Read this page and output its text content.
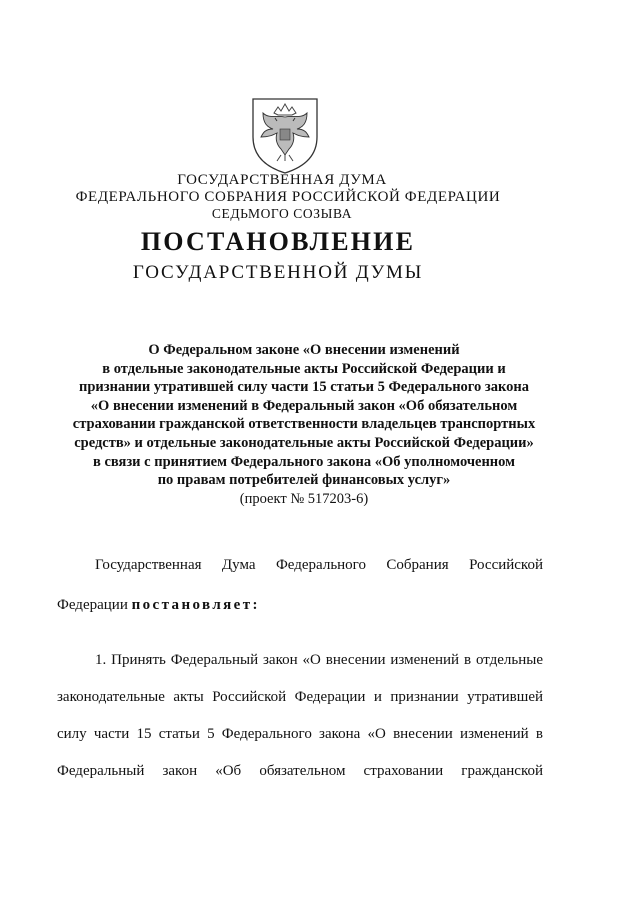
ГОСУДАРСТВЕННАЯ ДУМА
ФЕДЕРАЛЬНОГО СОБРАНИЯ РОССИЙСКОЙ ФЕДЕРАЦИИ
СЕДЬМОГО СОЗЫВА
ПОСТАНОВЛЕНИЕ
ГОСУДАРСТВЕННОЙ ДУМЫ
О Федеральном законе «О внесении изменений
в отдельные законодательные акты Российской Федерации и
признании утратившей силу части 15 статьи 5 Федерального закона
«О внесении изменений в Федеральный закон «Об обязательном
страховании гражданской ответственности владельцев транспортных
средств» и отдельные законодательные акты Российской Федерации»
в связи с принятием Федерального закона «Об уполномоченном
по правам потребителей финансовых услуг»
(проект № 517203-6)
Государственная Дума Федерального Собрания Российской
Федерации постановляет:
1. Принять Федеральный закон «О внесении изменений в отдельные
законодательные акты Российской Федерации и признании утратившей
силу части 15 статьи 5 Федерального закона «О внесении изменений в
Федеральный закон «Об обязательном страховании гражданской
